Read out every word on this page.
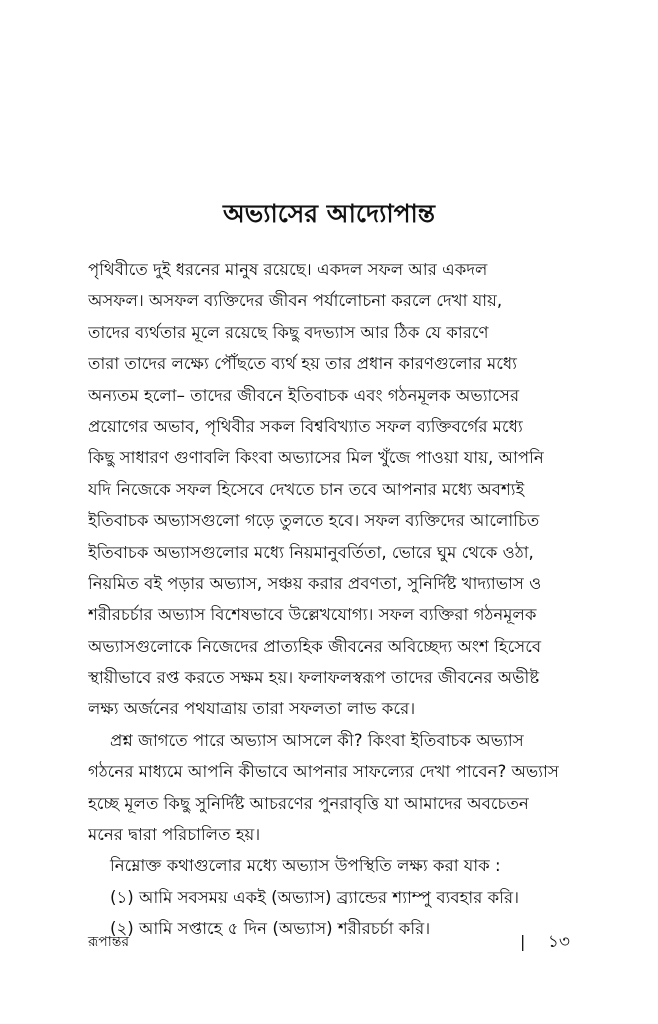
অভ্যাসের আদ্যোপান্ত
পৃথিবীতে দুই ধরনের মানুষ রয়েছে। একদল সফল আর একদল
অসফল। অসফল ব্যক্তিদের জীবন পর্যালোচনা করলে দেখা যায়,
তাদের ব্যর্থতার মূলে রয়েছে কিছু বদভ্যাস আর ঠিক যে কারণে
তারা তাদের লক্ষ্যে পৌঁছতে ব্যর্থ হয় তার প্রধান কারণগুলোর মধ্যে
অন্যতম হলো– তাদের জীবনে ইতিবাচক এবং গঠনমূলক অভ্যাসের
প্রয়োগের অভাব, পৃথিবীর সকল বিশ্ববিখ্যাত সফল ব্যক্তিবর্গের মধ্যে
কিছু সাধারণ গুণাবলি কিংবা অভ্যাসের মিল খুঁজে পাওয়া যায়, আপনি
যদি নিজেকে সফল হিসেবে দেখতে চান তবে আপনার মধ্যে অবশ্যই
ইতিবাচক অভ্যাসগুলো গড়ে তুলতে হবে। সফল ব্যক্তিদের আলোচিত
ইতিবাচক অভ্যাসগুলোর মধ্যে নিয়মানুবর্তিতা, ভোরে ঘুম থেকে ওঠা,
নিয়মিত বই পড়ার অভ্যাস, সঞ্চয় করার প্রবণতা, সুনির্দিষ্ট খাদ্যাভাস ও
শরীরচর্চার অভ্যাস বিশেষভাবে উল্লেখযোগ্য। সফল ব্যক্তিরা গঠনমূলক
অভ্যাসগুলোকে নিজেদের প্রাত্যহিক জীবনের অবিচ্ছেদ্য অংশ হিসেবে
স্থায়ীভাবে রপ্ত করতে সক্ষম হয়। ফলাফলস্বরূপ তাদের জীবনের অভীষ্ট
লক্ষ্য অর্জনের পথযাত্রায় তারা সফলতা লাভ করে।
প্রশ্ন জাগতে পারে অভ্যাস আসলে কী? কিংবা ইতিবাচক অভ্যাস
গঠনের মাধ্যমে আপনি কীভাবে আপনার সাফল্যের দেখা পাবেন? অভ্যাস
হচ্ছে মূলত কিছু সুনির্দিষ্ট আচরণের পুনরাবৃত্তি যা আমাদের অবচেতন
মনের দ্বারা পরিচালিত হয়।
নিম্নোক্ত কথাগুলোর মধ্যে অভ্যাস উপস্থিতি লক্ষ্য করা যাক :
(১) আমি সবসময় একই (অভ্যাস) ব্র্যান্ডের শ্যাম্পু ব্যবহার করি।
(২) আমি সপ্তাহে ৫ দিন (অভ্যাস) শরীরচর্চা করি।
রূপান্তর	| ১৩
